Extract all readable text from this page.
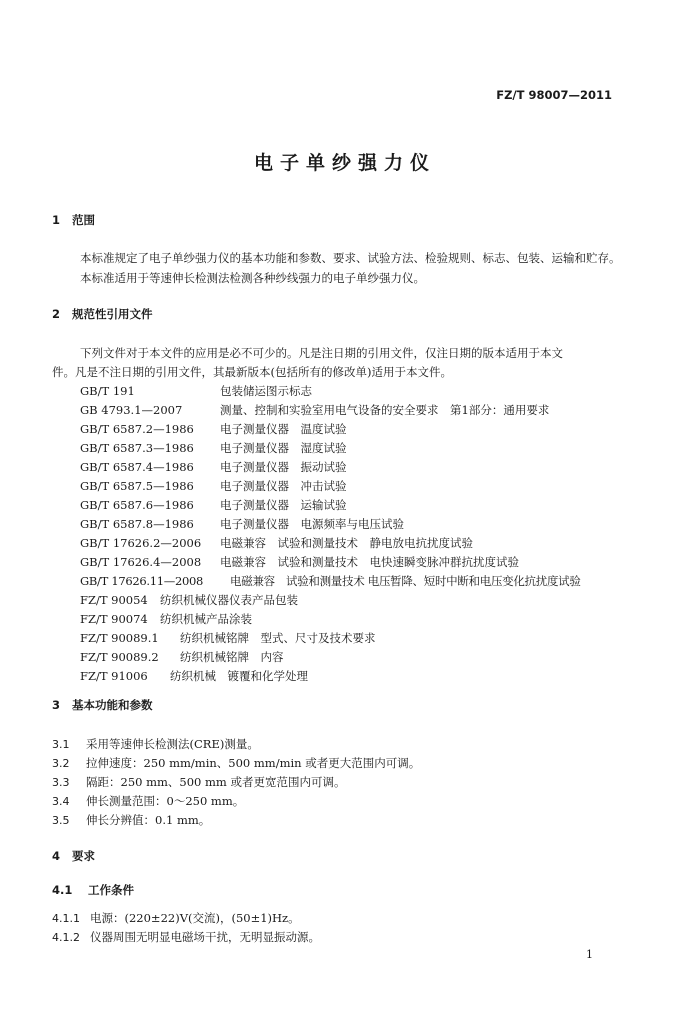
FZ/T 98007—2011
电子单纱强力仪
1 范围
本标准规定了电子单纱强力仪的基本功能和参数、要求、试验方法、检验规则、标志、包装、运输和贮存。
本标准适用于等速伸长检测法检测各种纱线强力的电子单纱强力仪。
2 规范性引用文件
下列文件对于本文件的应用是必不可少的。凡是注日期的引用文件，仅注日期的版本适用于本文
件。凡是不注日期的引用文件，其最新版本(包括所有的修改单)适用于本文件。
GB/T 191	包装储运图示标志
GB 4793.1—2007	测量、控制和实验室用电气设备的安全要求　第1部分：通用要求
GB/T 6587.2—1986 电子测量仪器　温度试验
GB/T 6587.3—1986 电子测量仪器　湿度试验
GB/T 6587.4—1986 电子测量仪器　振动试验
GB/T 6587.5—1986 电子测量仪器　冲击试验
GB/T 6587.6—1986 电子测量仪器　运输试验
GB/T 6587.8—1986 电子测量仪器　电源频率与电压试验
GB/T 17626.2—2006 电磁兼容　试验和测量技术　静电放电抗扰度试验
GB/T 17626.4—2008 电磁兼容　试验和测量技术　电快速瞬变脉冲群抗扰度试验
GB/T 17626.11—2008 电磁兼容　试验和测量技术 电压暂降、短时中断和电压变化抗扰度试验
FZ/T 90054 纺织机械仪器仪表产品包装
FZ/T 90074 纺织机械产品涂装
FZ/T 90089.1 纺织机械铭牌　型式、尺寸及技术要求
FZ/T 90089.2 纺织机械铭牌　内容
FZ/T 91006 纺织机械　镀覆和化学处理
3 基本功能和参数
3.1 采用等速伸长检测法(CRE)测量。
3.2 拉伸速度：250 mm/min、500 mm/min 或者更大范围内可调。
3.3 隔距：250 mm、500 mm 或者更宽范围内可调。
3.4 伸长测量范围：0～250 mm。
3.5 伸长分辨值：0.1 mm。
4 要求
4.1 工作条件
4.1.1 电源：(220±22)V(交流)，(50±1)Hz。
4.1.2 仪器周围无明显电磁场干扰，无明显振动源。
1
